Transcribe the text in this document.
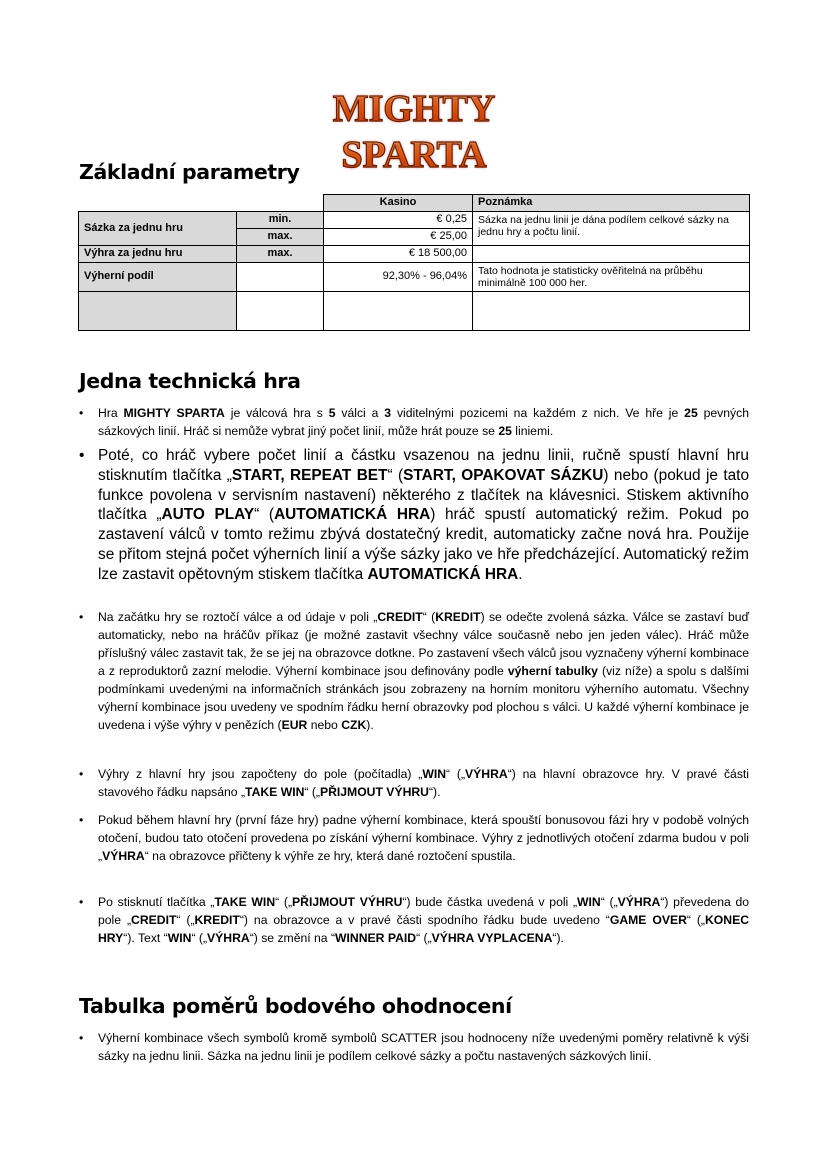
MIGHTY SPARTA
Základní parametry
		Kasino	Poznámka
Sázka za jednu hru	min.	€ 0,25	Sázka na jednu linii je dána podílem celkové sázky na jednu hry a počtu linií.
	max.	€ 25,00	
Výhra za jednu hru	max.	€ 18 500,00	
Výherní podíl		92,30% - 96,04%	Tato hodnota je statisticky ověřitelná na průběhu minimálně 100 000 her.

Jedna technická hra
• Hra MIGHTY SPARTA je válcová hra s 5 válci a 3 viditelnými pozicemi na každém z nich. Ve hře je 25 pevných sázkových linií. Hráč si nemůže vybrat jiný počet linií, může hrát pouze se 25 liniemi.
• Poté, co hráč vybere počet linií a částku vsazenou na jednu linii, ručně spustí hlavní hru stisknutím tlačítka „START, REPEAT BET“ (START, OPAKOVAT SÁZKU) nebo (pokud je tato funkce povolena v servisním nastavení) některého z tlačítek na klávesnici. Stiskem aktivního tlačítka „AUTO PLAY“ (AUTOMATICKÁ HRA) hráč spustí automatický režim. Pokud po zastavení válců v tomto režimu zbývá dostatečný kredit, automaticky začne nová hra. Použije se přitom stejná počet výherních linií a výše sázky jako ve hře předcházející. Automatický režim lze zastavit opětovným stiskem tlačítka AUTOMATICKÁ HRA.
• Na začátku hry se roztočí válce a od údaje v poli „CREDIT“ (KREDIT) se odečte zvolená sázka. Válce se zastaví buď automaticky, nebo na hráčův příkaz (je možné zastavit všechny válce současně nebo jen jeden válec). Hráč může příslušný válec zastavit tak, že se jej na obrazovce dotkne. Po zastavení všech válců jsou vyznačeny výherní kombinace a z reproduktorů zazní melodie. Výherní kombinace jsou definovány podle výherní tabulky (viz níže) a spolu s dalšími podmínkami uvedenými na informačních stránkách jsou zobrazeny na horním monitoru výherního automatu. Všechny výherní kombinace jsou uvedeny ve spodním řádku herní obrazovky pod plochou s válci. U každé výherní kombinace je uvedena i výše výhry v penězích (EUR nebo CZK).
• Výhry z hlavní hry jsou započteny do pole (počítadla) „WIN“ („VÝHRA“) na hlavní obrazovce hry. V pravé části stavového řádku napsáno „TAKE WIN“ („PŘIJMOUT VÝHRU“).
• Pokud během hlavní hry (první fáze hry) padne výherní kombinace, která spouští bonusovou fázi hry v podobě volných otočení, budou tato otočení provedena po získání výherní kombinace. Výhry z jednotlivých otočení zdarma budou v poli „VÝHRA“ na obrazovce přičteny k výhře ze hry, která dané roztočení spustila.
• Po stisknutí tlačítka „TAKE WIN“ („PŘIJMOUT VÝHRU“) bude částka uvedená v poli „WIN“ („VÝHRA“) převedena do pole „CREDIT“ („KREDIT“) na obrazovce a v pravé části spodního řádku bude uvedeno “GAME OVER“ („KONEC HRY“). Text “WIN“ („VÝHRA“) se změní na “WINNER PAID“ („VÝHRA VYPLACENA“).
Tabulka poměrů bodového ohodnocení
• Výherní kombinace všech symbolů kromě symbolů SCATTER jsou hodnoceny níže uvedenými poměry relativně k výši sázky na jednu linii. Sázka na jednu linii je podílem celkové sázky a počtu nastavených sázkových linií.
